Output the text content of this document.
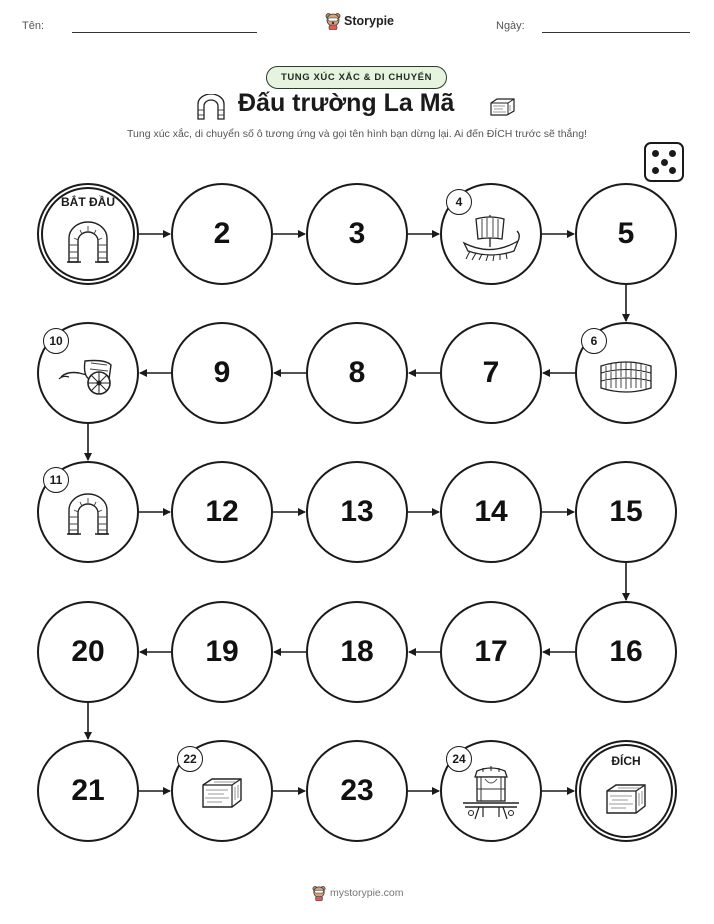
Tên:	Storypie	Ngày:
TUNG XÚC XẮC & DI CHUYỂN
Đấu trường La Mã
Tung xúc xắc, di chuyển số ô tương ứng và gọi tên hình bạn dừng lại. Ai đến ĐÍCH trước sẽ thắng!
BẮT ĐẦU
2	3
4
5
6
7
8
9
10
11
12	13	14	15
16
17
18
19
20
21
22
23
24	ĐÍCH
mystorypie.com
